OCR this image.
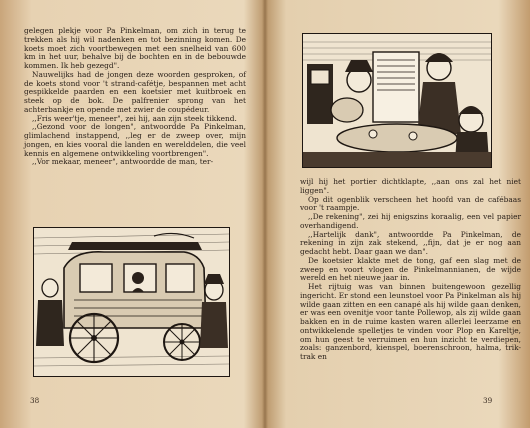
gelegen plekje voor Pa Pinkelman, om zich in terug te trekken als hij wil nadenken en tot bezinning komen. De koets moet zich voortbewegen met een snelheid van 600 km in het uur, behalve bij de bochten en in de bebouwde kommen. Ik heb gezegd".

Nauwelijks had de jongen deze woorden gesproken, of de koets stond voor 't strand-cafétje, bespannen met acht gespikkelde paarden en een koetsier met kuitbroek en steek op de bok. De palfrenier sprong van het achterbankje en opende met zwier de coupédeur.

,,Fris weer'tje, meneer", zei hij, aan zijn steek tikkend.

,,Gezond voor de longen", antwoordde Pa Pinkelman, glimlachend instappend, ,,leg er de zweep over, mijn jongen, en kies vooral die landen en werelddelen, die veel kennis en algemene ontwikkeling voortbrengen".

,,Vor mekaar, meneer", antwoordde de man, ter-

38

wijl hij het portier dichtklapte, ,,aan ons zal het niet liggen".

Op dit ogenblik verscheen het hoofd van de cafébaas voor 't raampje.

,,De rekening", zei hij enigszins koraalig, een vel papier overhandigend.

,,Hartelijk dank", antwoordde Pa Pinkelman, de rekening in zijn zak stekend, ,,fijn, dat je er nog aan gedacht hebt. Daar gaan we dan".

De koetsier klakte met de tong, gaf een slag met de zweep en voort vlogen de Pinkelmannianen, de wijde wereld en het nieuwe jaar in.

Het rijtuig was van binnen buitengewoon gezellig ingericht. Er stond een leunstoel voor Pa Pinkelman als hij wilde gaan zitten en een canapé als hij wilde gaan denken, er was een ovenitje voor tante Pollewop, als zij wilde gaan bakken en in de ruime kasten waren allerlei leerzame en ontwikkelende spelletjes te vinden voor Plop en Kareltje, om hun geest te verruimen en hun inzicht te verdiepen, zoals: ganzenbord, kienspel, boerenschroon, halma, trik-trak en

39
